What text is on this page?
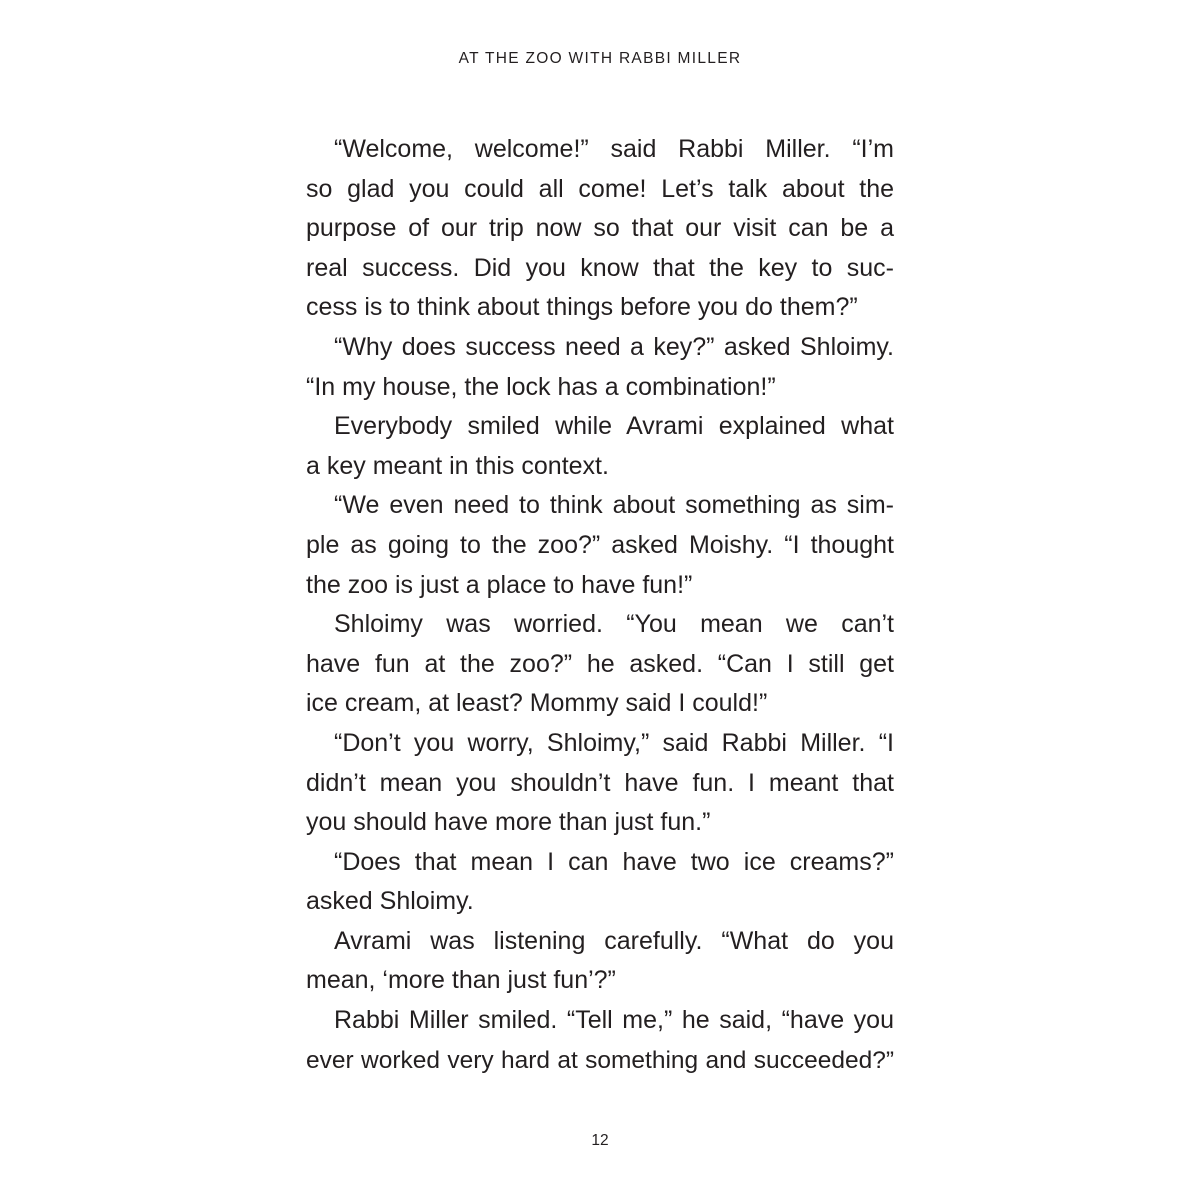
AT THE ZOO WITH RABBI MILLER
“Welcome, welcome!” said Rabbi Miller. “I’m
so glad you could all come! Let’s talk about the
purpose of our trip now so that our visit can be a
real success. Did you know that the key to suc-
cess is to think about things before you do them?”
“Why does success need a key?” asked Shloimy.
“In my house, the lock has a combination!”
Everybody smiled while Avrami explained what
a key meant in this context.
“We even need to think about something as sim-
ple as going to the zoo?” asked Moishy. “I thought
the zoo is just a place to have fun!”
Shloimy was worried. “You mean we can’t
have fun at the zoo?” he asked. “Can I still get
ice cream, at least? Mommy said I could!”
“Don’t you worry, Shloimy,” said Rabbi Miller. “I
didn’t mean you shouldn’t have fun. I meant that
you should have more than just fun.”
“Does that mean I can have two ice creams?”
asked Shloimy.
Avrami was listening carefully. “What do you
mean, ‘more than just fun’?”
Rabbi Miller smiled. “Tell me,” he said, “have you
ever worked very hard at something and succeeded?”
12
